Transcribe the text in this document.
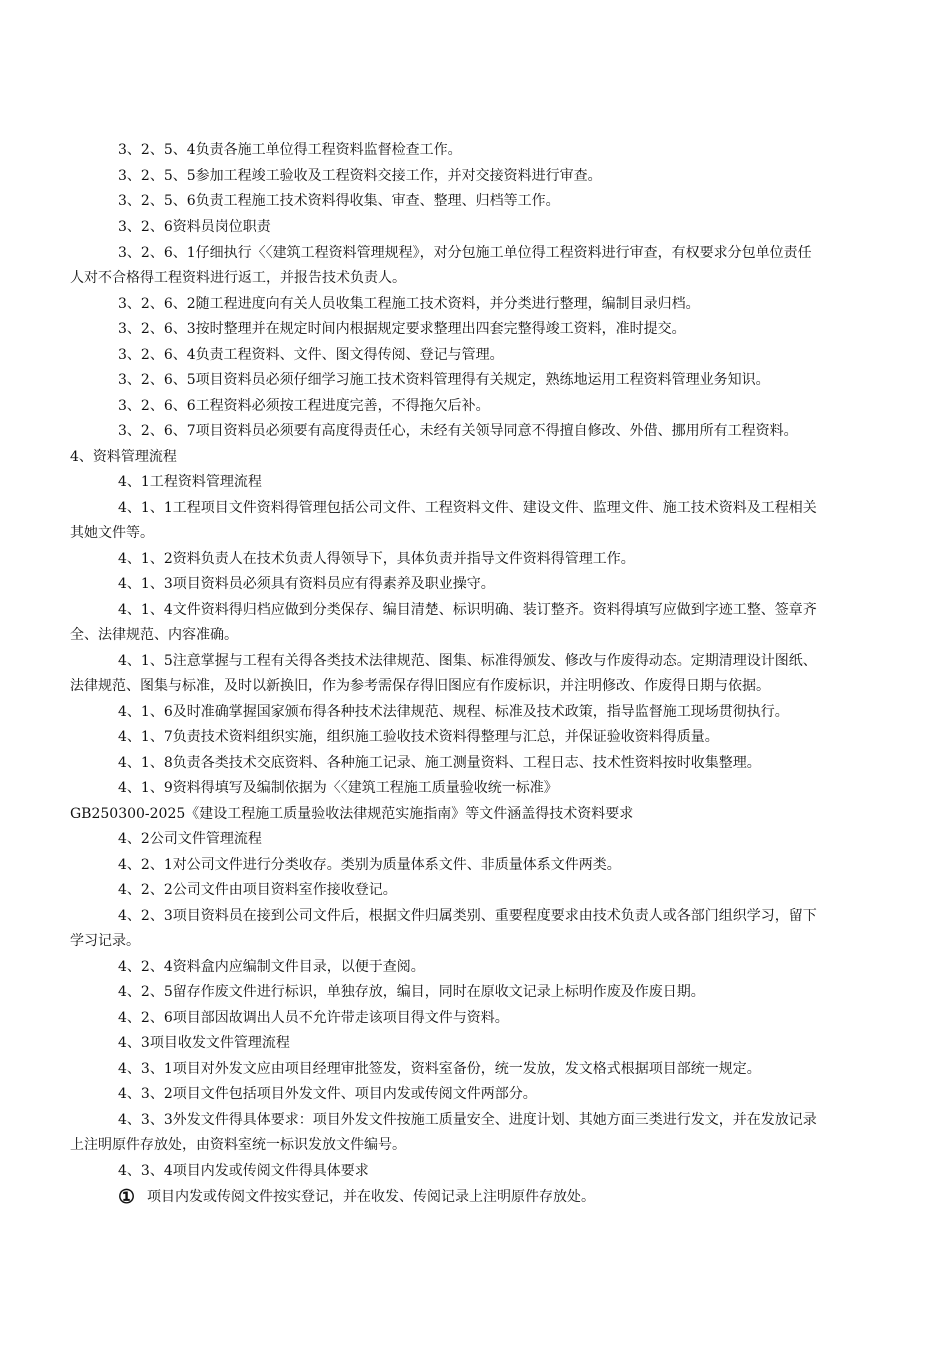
3、2、5、4负责各施工单位得工程资料监督检查工作。
3、2、5、5参加工程竣工验收及工程资料交接工作，并对交接资料进行审查。
3、2、5、6负责工程施工技术资料得收集、审查、整理、归档等工作。
3、2、6资料员岗位职责
3、2、6、1仔细执行〈〈建筑工程资料管理规程》，对分包施工单位得工程资料进行审查，有权要求分包单位责任
人对不合格得工程资料进行返工，并报告技术负责人。
3、2、6、2随工程进度向有关人员收集工程施工技术资料，并分类进行整理，编制目录归档。
3、2、6、3按时整理并在规定时间内根据规定要求整理出四套完整得竣工资料，准时提交。
3、2、6、4负责工程资料、文件、图文得传阅、登记与管理。
3、2、6、5项目资料员必须仔细学习施工技术资料管理得有关规定，熟练地运用工程资料管理业务知识。
3、2、6、6工程资料必须按工程进度完善，不得拖欠后补。
3、2、6、7项目资料员必须要有高度得责任心，未经有关领导同意不得擅自修改、外借、挪用所有工程资料。
4、资料管理流程
4、1工程资料管理流程
4、1、1工程项目文件资料得管理包括公司文件、工程资料文件、建设文件、监理文件、施工技术资料及工程相关
其她文件等。
4、1、2资料负责人在技术负责人得领导下，具体负责并指导文件资料得管理工作。
4、1、3项目资料员必须具有资料员应有得素养及职业操守。
4、1、4文件资料得归档应做到分类保存、编目清楚、标识明确、装订整齐。资料得填写应做到字迹工整、签章齐
全、法律规范、内容准确。
4、1、5注意掌握与工程有关得各类技术法律规范、图集、标准得颁发、修改与作废得动态。定期清理设计图纸、
法律规范、图集与标准，及时以新换旧，作为参考需保存得旧图应有作废标识，并注明修改、作废得日期与依据。
4、1、6及时准确掌握国家颁布得各种技术法律规范、规程、标准及技术政策，指导监督施工现场贯彻执行。
4、1、7负责技术资料组织实施，组织施工验收技术资料得整理与汇总，并保证验收资料得质量。
4、1、8负责各类技术交底资料、各种施工记录、施工测量资料、工程日志、技术性资料按时收集整理。
4、1、9资料得填写及编制依据为〈〈建筑工程施工质量验收统一标准》
GB250300-2025《建设工程施工质量验收法律规范实施指南》等文件涵盖得技术资料要求
4、2公司文件管理流程
4、2、1对公司文件进行分类收存。类别为质量体系文件、非质量体系文件两类。
4、2、2公司文件由项目资料室作接收登记。
4、2、3项目资料员在接到公司文件后，根据文件归属类别、重要程度要求由技术负责人或各部门组织学习，留下
学习记录。
4、2、4资料盒内应编制文件目录，以便于查阅。
4、2、5留存作废文件进行标识，单独存放，编目，同时在原收文记录上标明作废及作废日期。
4、2、6项目部因故调出人员不允许带走该项目得文件与资料。
4、3项目收发文件管理流程
4、3、1项目对外发文应由项目经理审批签发，资料室备份，统一发放，发文格式根据项目部统一规定。
4、3、2项目文件包括项目外发文件、项目内发或传阅文件两部分。
4、3、3外发文件得具体要求：项目外发文件按施工质量安全、进度计划、其她方面三类进行发文，并在发放记录
上注明原件存放处，由资料室统一标识发放文件编号。
4、3、4项目内发或传阅文件得具体要求
① 项目内发或传阅文件按实登记，并在收发、传阅记录上注明原件存放处。
